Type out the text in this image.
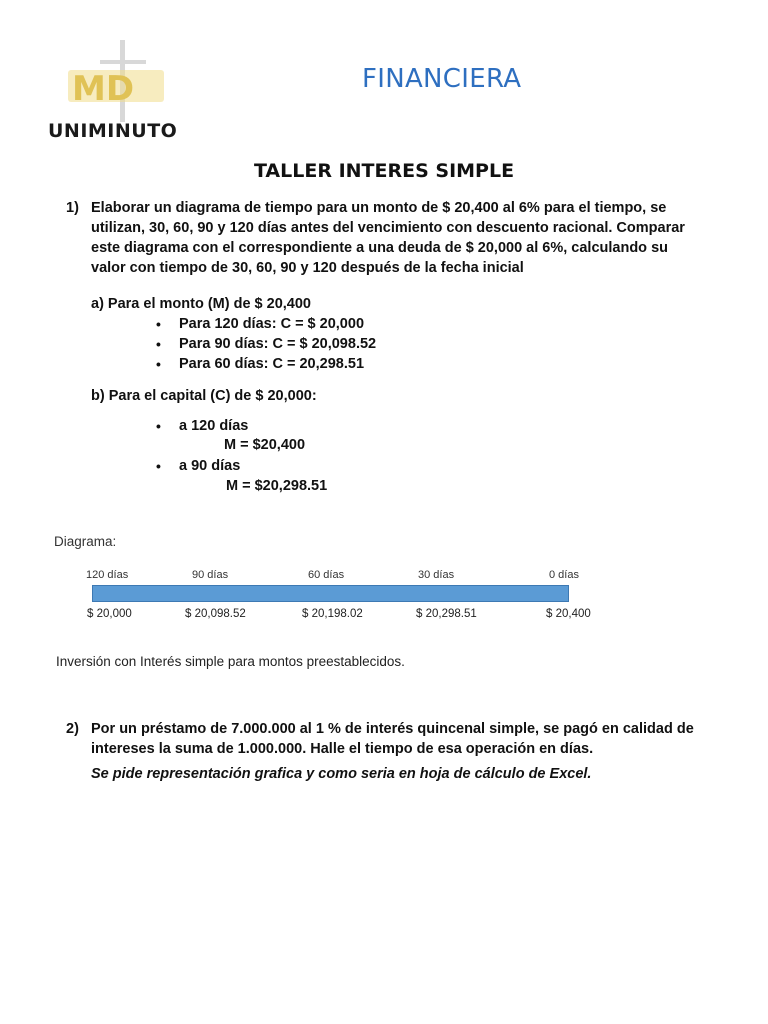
MD
UNIMINUTO
FINANCIERA
TALLER INTERES SIMPLE
1) Elaborar un diagrama de tiempo para un monto de $ 20,400 al 6% para el tiempo, se
utilizan, 30, 60, 90 y 120 días antes del vencimiento con descuento racional. Comparar
este diagrama con el correspondiente a una deuda de $ 20,000 al 6%, calculando su
valor con tiempo de 30, 60, 90 y 120 después de la fecha inicial
a) Para el monto (M) de $ 20,400
• Para 120 días: C = $ 20,000
• Para 90 días: C = $ 20,098.52
• Para 60 días: C = 20,298.51
b) Para el capital (C) de $ 20,000:
• a 120 días
M = $20,400
• a 90 días
M = $20,298.51
Diagrama:
120 días	90 días	60 días	30 días	0 días
$ 20,000	$ 20,098.52	$ 20,198.02	$ 20,298.51	$ 20,400
Inversión con Interés simple para montos preestablecidos.
2) Por un préstamo de 7.000.000 al 1 % de interés quincenal simple, se pagó en calidad de
intereses la suma de 1.000.000. Halle el tiempo de esa operación en días.
Se pide representación grafica y como seria en hoja de cálculo de Excel.
